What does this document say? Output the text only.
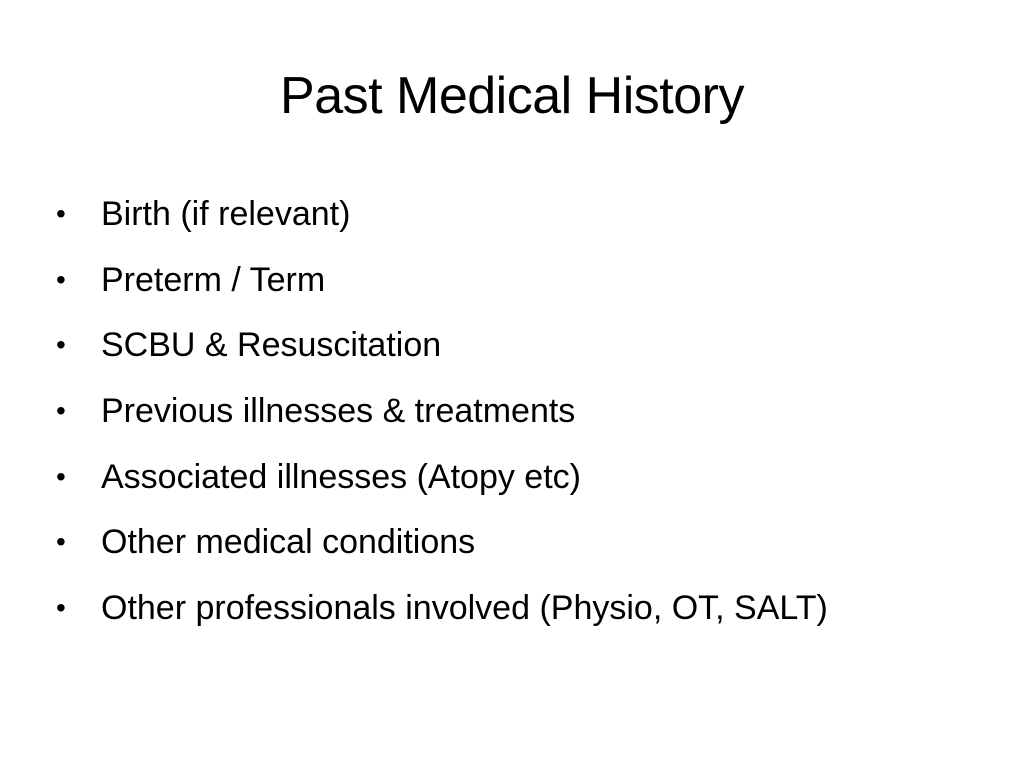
Past Medical History
•	Birth (if relevant)
•	Preterm / Term
•	SCBU & Resuscitation
•	Previous illnesses & treatments
•	Associated illnesses (Atopy etc)
•	Other medical conditions
•	Other professionals involved (Physio, OT, SALT)
